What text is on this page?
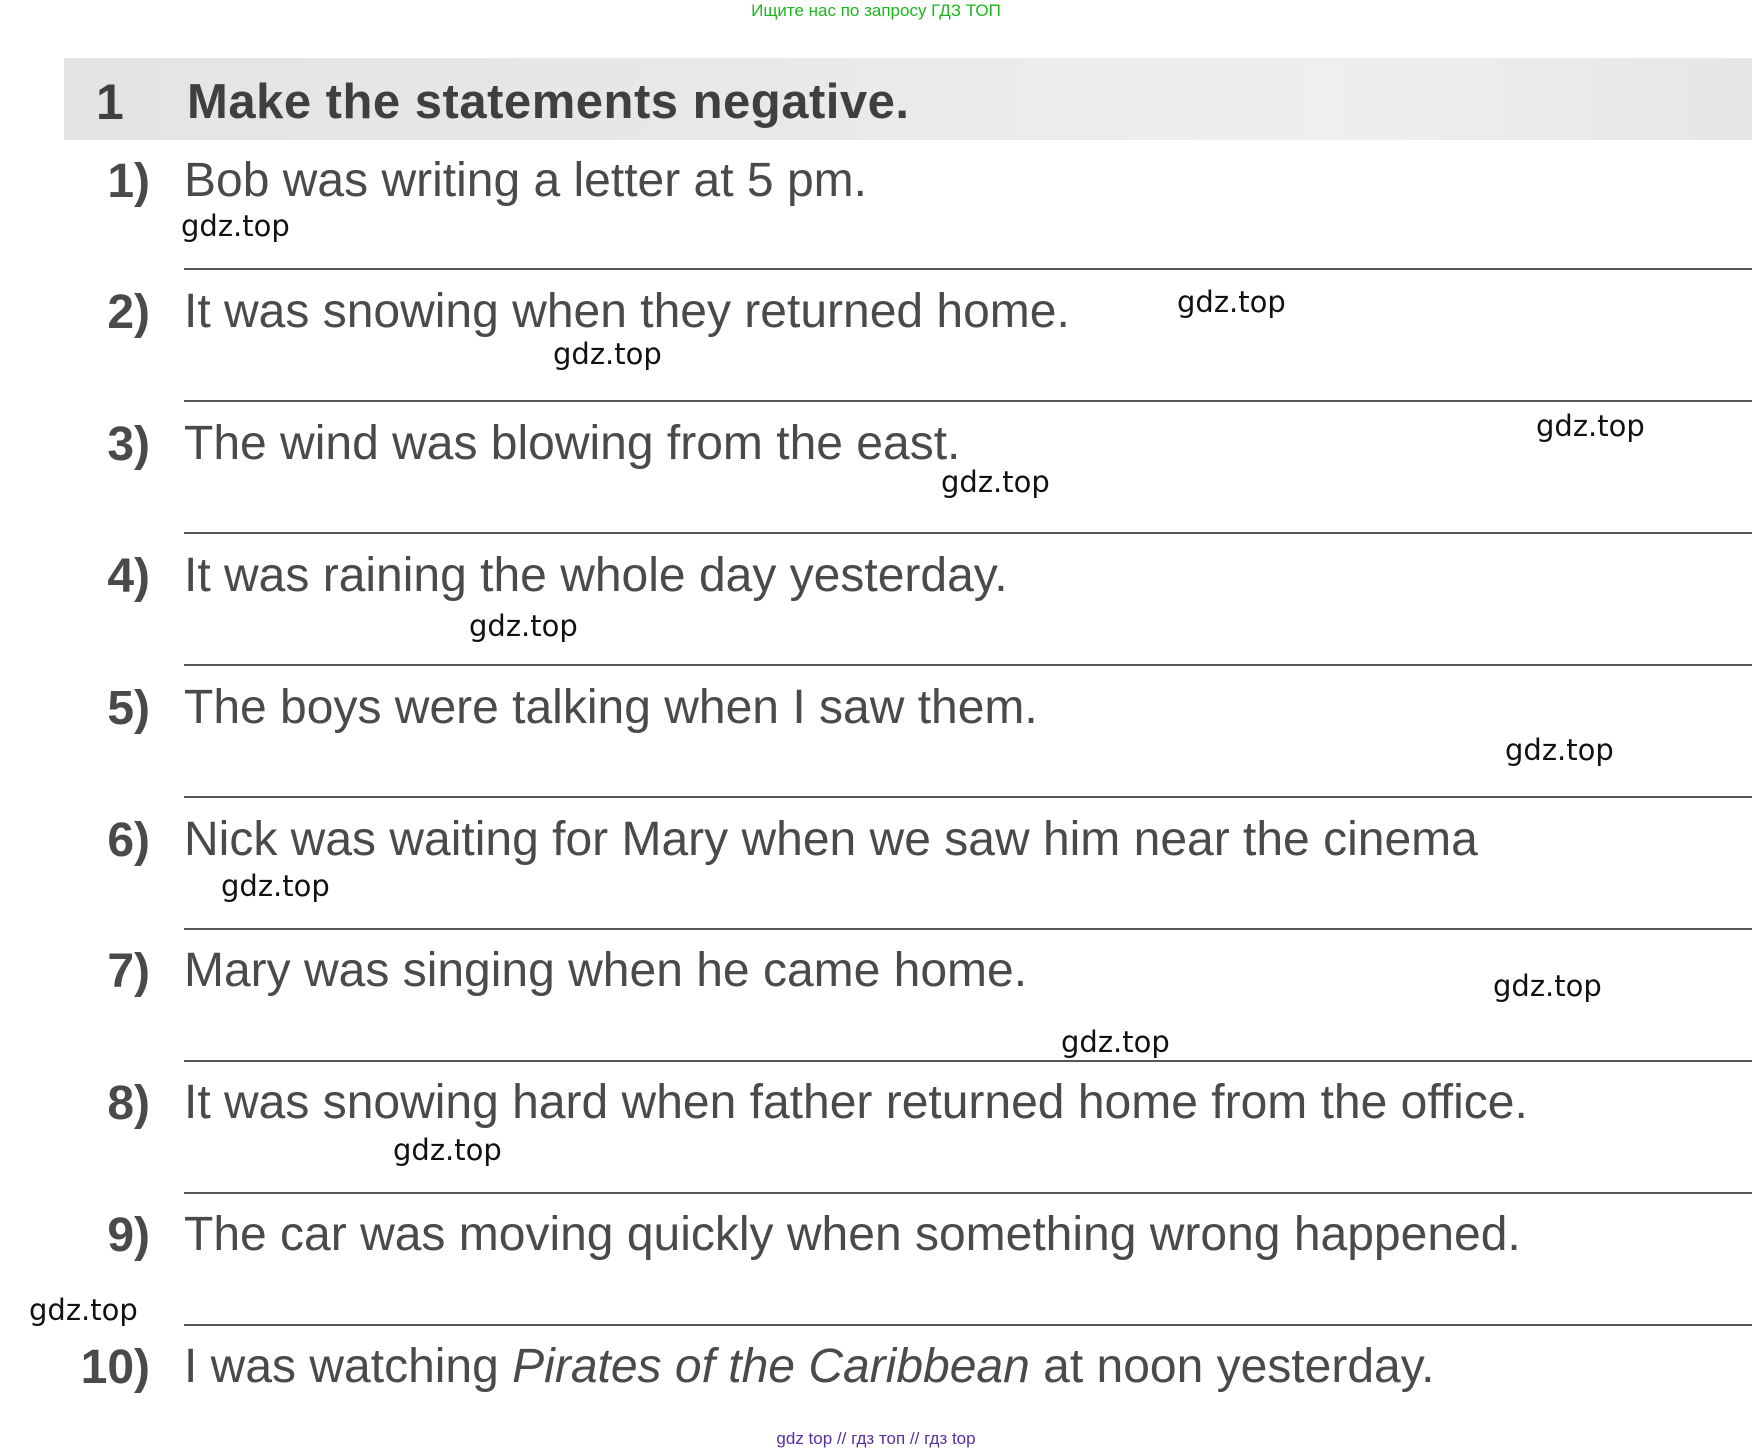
Ищите нас по запросу ГДЗ ТОП
1 Make the statements negative.
1) Bob was writing a letter at 5 pm.
2) It was snowing when they returned home.
3) The wind was blowing from the east.
4) It was raining the whole day yesterday.
5) The boys were talking when I saw them.
6) Nick was waiting for Mary when we saw him near the cinema
7) Mary was singing when he came home.
8) It was snowing hard when father returned home from the office.
9) The car was moving quickly when something wrong happened.
10) I was watching Pirates of the Caribbean at noon yesterday.
gdz.top
gdz.top
gdz.top
gdz.top
gdz.top
gdz.top
gdz.top
gdz.top
gdz.top
gdz.top
gdz.top
gdz.top
gdz top // гдз топ // гдз top
